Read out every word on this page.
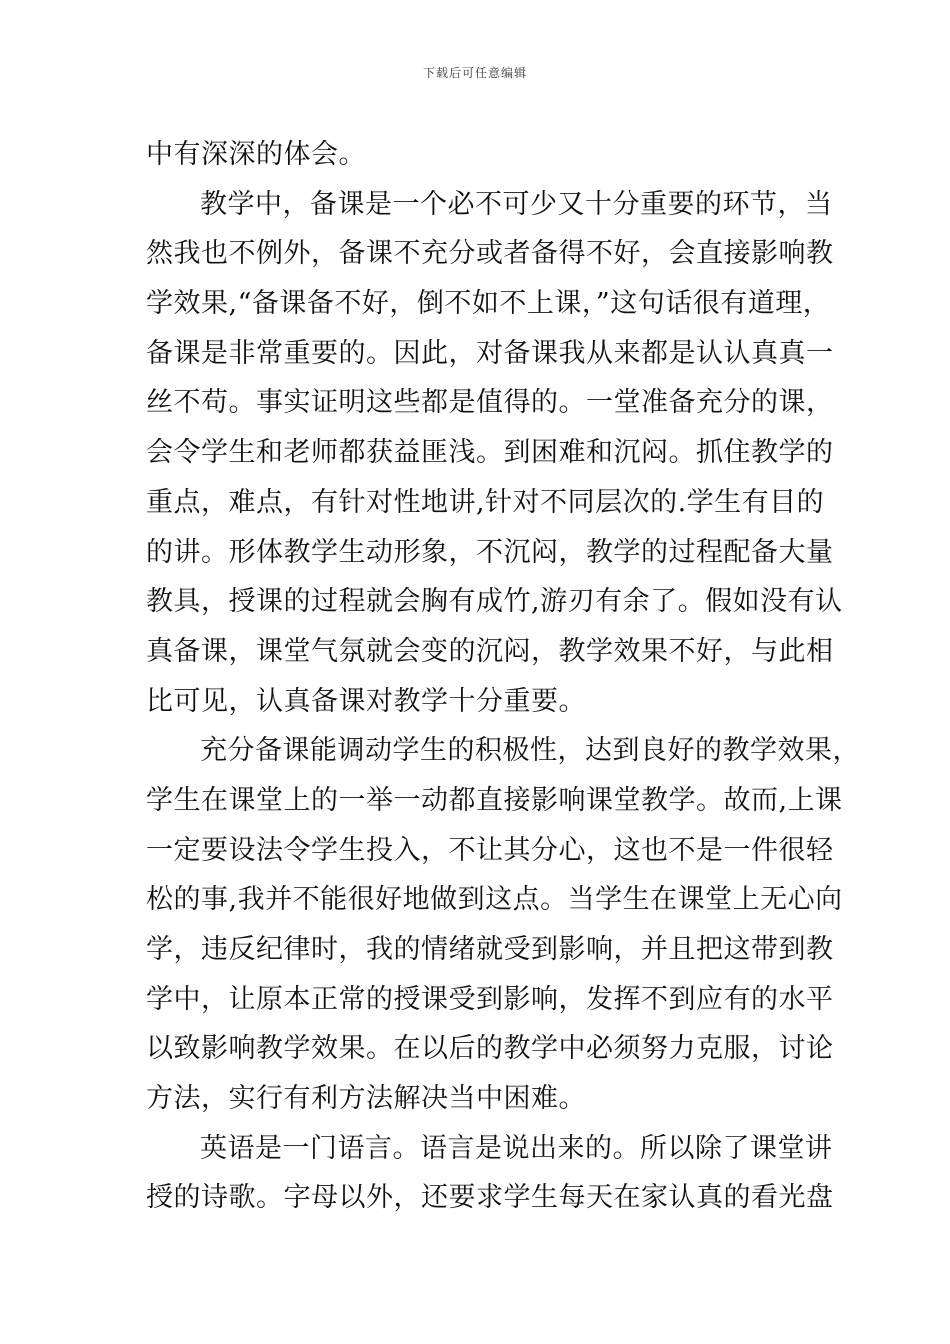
下载后可任意编辑
中有深深的体会。
教学中，备课是一个必不可少又十分重要的环节，当
然我也不例外，备课不充分或者备得不好，会直接影响教
学效果,“备课备不好，倒不如不上课，”这句话很有道理，
备课是非常重要的。因此，对备课我从来都是认认真真一
丝不苟。事实证明这些都是值得的。一堂准备充分的课，
会令学生和老师都获益匪浅。到困难和沉闷。抓住教学的
重点，难点，有针对性地讲,针对不同层次的.学生有目的
的讲。形体教学生动形象，不沉闷，教学的过程配备大量
教具，授课的过程就会胸有成竹,游刃有余了。假如没有认
真备课，课堂气氛就会变的沉闷，教学效果不好，与此相
比可见，认真备课对教学十分重要。
充分备课能调动学生的积极性，达到良好的教学效果，
学生在课堂上的一举一动都直接影响课堂教学。故而,上课
一定要设法令学生投入，不让其分心，这也不是一件很轻
松的事,我并不能很好地做到这点。当学生在课堂上无心向
学，违反纪律时，我的情绪就受到影响，并且把这带到教
学中，让原本正常的授课受到影响，发挥不到应有的水平
以致影响教学效果。在以后的教学中必须努力克服，讨论
方法，实行有利方法解决当中困难。
英语是一门语言。语言是说出来的。所以除了课堂讲
授的诗歌。字母以外，还要求学生每天在家认真的看光盘
